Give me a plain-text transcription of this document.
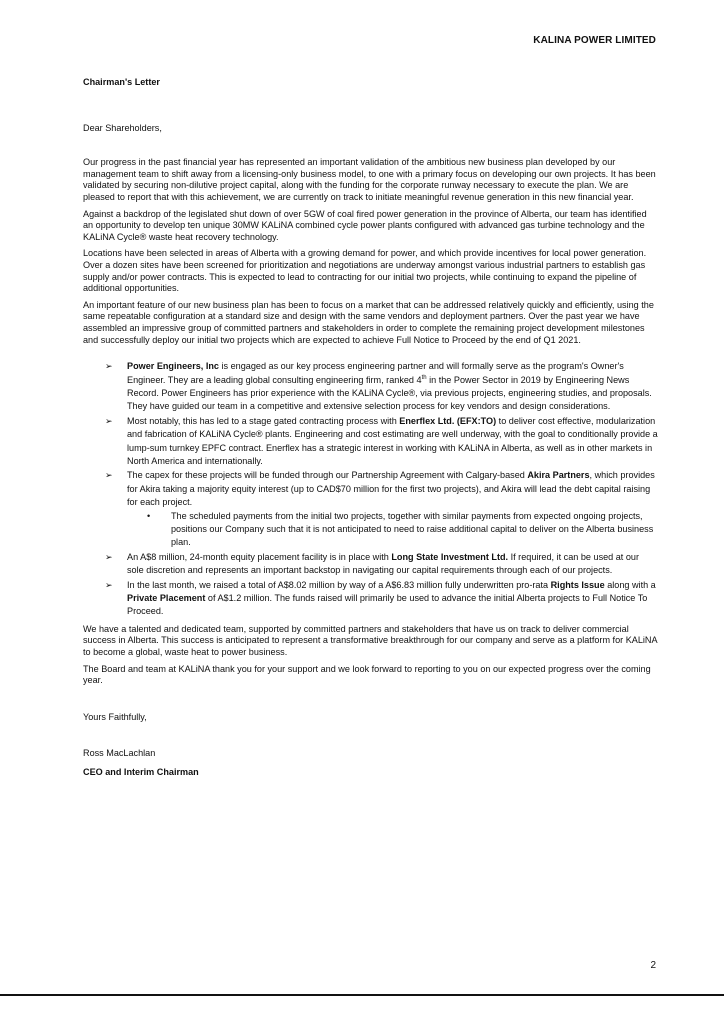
KALINA POWER LIMITED

Chairman's Letter

Dear Shareholders,

Our progress in the past financial year has represented an important validation of the ambitious new business plan developed by our management team to shift away from a licensing-only business model, to one with a primary focus on developing our own projects. It has been validated by securing non-dilutive project capital, along with the funding for the corporate runway necessary to execute the plan. We are pleased to report that with this achievement, we are currently on track to initiate meaningful revenue generation in this new financial year.

Against a backdrop of the legislated shut down of over 5GW of coal fired power generation in the province of Alberta, our team has identified an opportunity to develop ten unique 30MW KALiNA combined cycle power plants configured with advanced gas turbine technology and the KALiNA Cycle® waste heat recovery technology.

Locations have been selected in areas of Alberta with a growing demand for power, and which provide incentives for local power generation. Over a dozen sites have been screened for prioritization and negotiations are underway amongst various industrial partners to establish gas supply and/or power contracts. This is expected to lead to contracting for our initial two projects, while continuing to expand the pipeline of additional opportunities.

An important feature of our new business plan has been to focus on a market that can be addressed relatively quickly and efficiently, using the same repeatable configuration at a standard size and design with the same vendors and deployment partners. Over the past year we have assembled an impressive group of committed partners and stakeholders in order to complete the remaining project development milestones and successfully deploy our initial two projects which are expected to achieve Full Notice to Proceed by the end of Q1 2021.

➢ Power Engineers, Inc is engaged as our key process engineering partner and will formally serve as the program's Owner's Engineer. They are a leading global consulting engineering firm, ranked 4th in the Power Sector in 2019 by Engineering News Record. Power Engineers has prior experience with the KALiNA Cycle®, via previous projects, engineering studies, and proposals. They have guided our team in a competitive and extensive selection process for key vendors and design considerations.
➢ Most notably, this has led to a stage gated contracting process with Enerflex Ltd. (EFX:TO) to deliver cost effective, modularization and fabrication of KALiNA Cycle® plants. Engineering and cost estimating are well underway, with the goal to conditionally provide a lump-sum turnkey EPFC contract. Enerflex has a strategic interest in working with KALiNA in Alberta, as well as in other markets in North America and internationally.
➢ The capex for these projects will be funded through our Partnership Agreement with Calgary-based Akira Partners, which provides for Akira taking a majority equity interest (up to CAD$70 million for the first two projects), and Akira will lead the debt capital raising for each project.
• The scheduled payments from the initial two projects, together with similar payments from expected ongoing projects, positions our Company such that it is not anticipated to need to raise additional capital to deliver on the Alberta business plan.
➢ An A$8 million, 24-month equity placement facility is in place with Long State Investment Ltd. If required, it can be used at our sole discretion and represents an important backstop in navigating our capital requirements through each of our projects.
➢ In the last month, we raised a total of A$8.02 million by way of a A$6.83 million fully underwritten pro-rata Rights Issue along with a Private Placement of A$1.2 million. The funds raised will primarily be used to advance the initial Alberta projects to Full Notice To Proceed.

We have a talented and dedicated team, supported by committed partners and stakeholders that have us on track to deliver commercial success in Alberta. This success is anticipated to represent a transformative breakthrough for our company and serve as a platform for KALiNA to become a global, waste heat to power business.

The Board and team at KALiNA thank you for your support and we look forward to reporting to you on our expected progress over the coming year.

Yours Faithfully,

Ross MacLachlan

CEO and Interim Chairman

2
